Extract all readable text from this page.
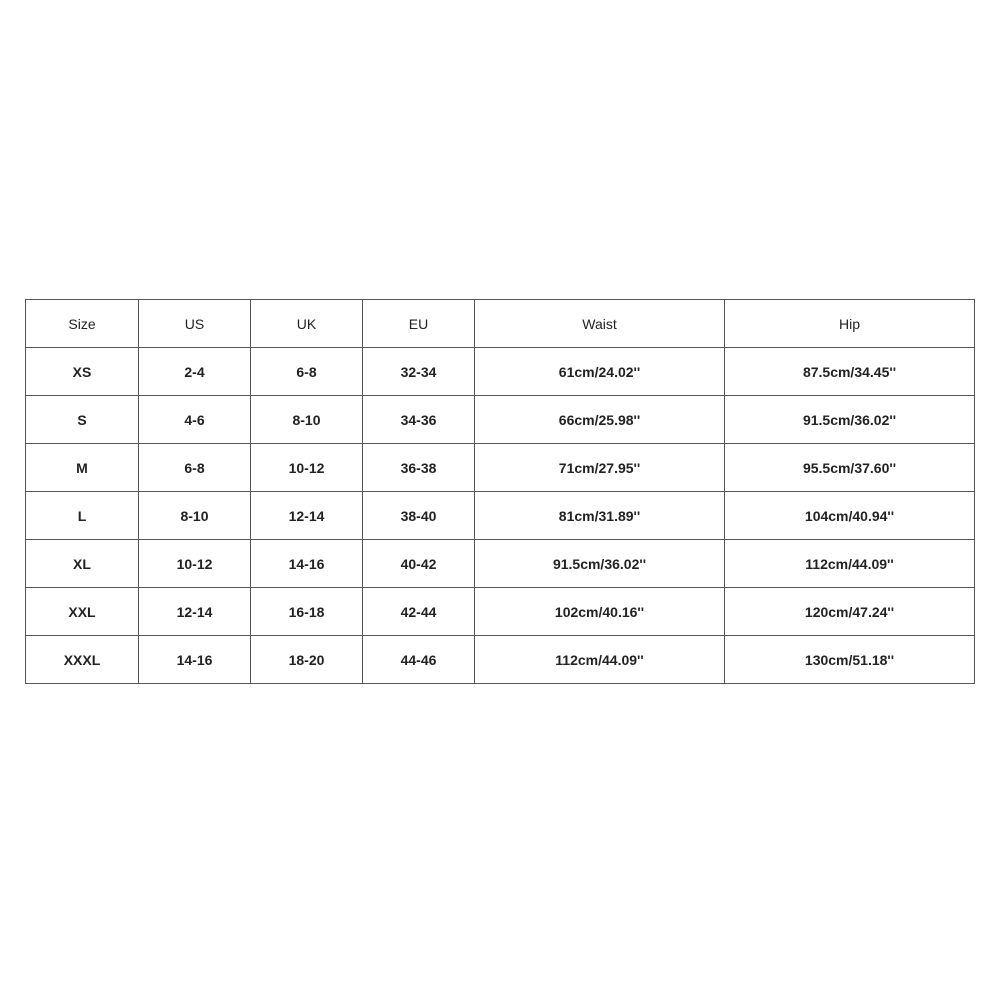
Size	US	UK	EU	Waist	Hip
XS	2-4	6-8	32-34	61cm/24.02''	87.5cm/34.45''
S	4-6	8-10	34-36	66cm/25.98''	91.5cm/36.02''
M	6-8	10-12	36-38	71cm/27.95''	95.5cm/37.60''
L	8-10	12-14	38-40	81cm/31.89''	104cm/40.94''
XL	10-12	14-16	40-42	91.5cm/36.02''	112cm/44.09''
XXL	12-14	16-18	42-44	102cm/40.16''	120cm/47.24''
XXXL	14-16	18-20	44-46	112cm/44.09''	130cm/51.18''
